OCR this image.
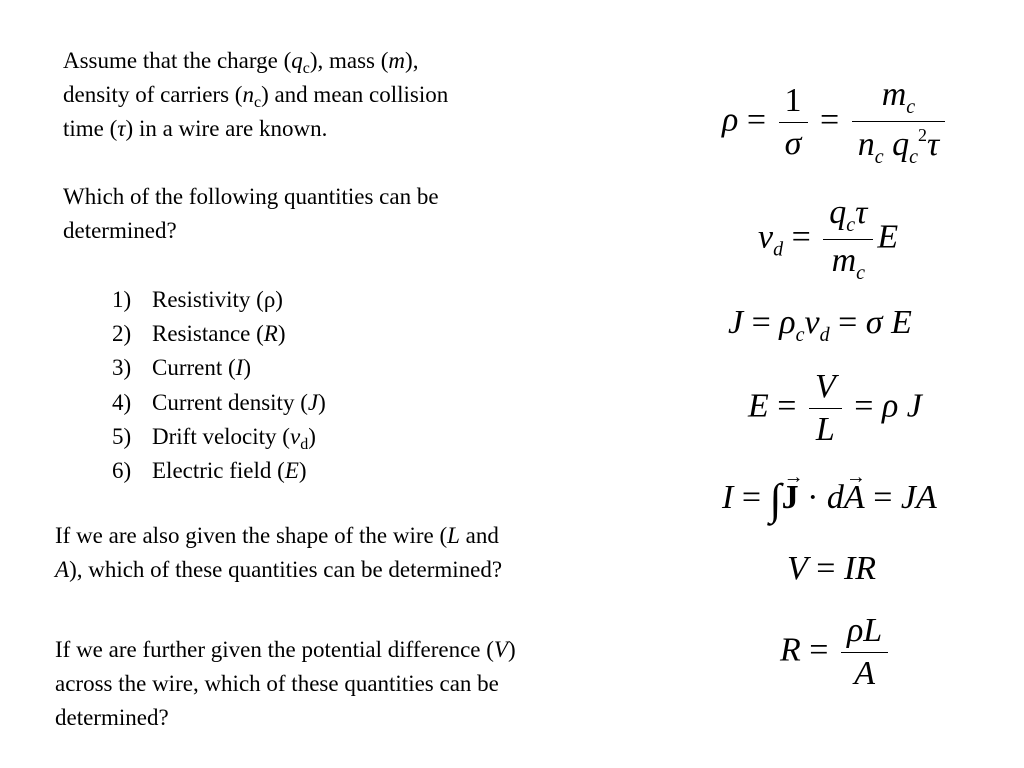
Assume that the charge $(q_c)$, mass (m),
density of carriers $(n_c)$ and mean collision
time (τ) in a wire are known.
Which of the following quantities can be
determined?
1) Resistivity (ρ)
2) Resistance (R)
3) Current (I)
4) Current density (J)
5) Drift velocity $(v_d)$
6) Electric field (E)
If we are also given the shape of the wire (L and
A), which of these quantities can be determined?
If we are further given the potential difference (V)
across the wire, which of these quantities can be
determined?
$\rho = \frac{1}{\sigma} = \frac{m_c}{n_c q_c^2\tau}$
$v_d = \frac{q_c\tau}{m_c}$ E
$J = \rho_cv_d = \sigma$ E
$E = \frac{V}{L} = \rho$ J
I = ∫→ J · d→ A = JA
V = IR
$R = \frac{\rho L}{A}$
